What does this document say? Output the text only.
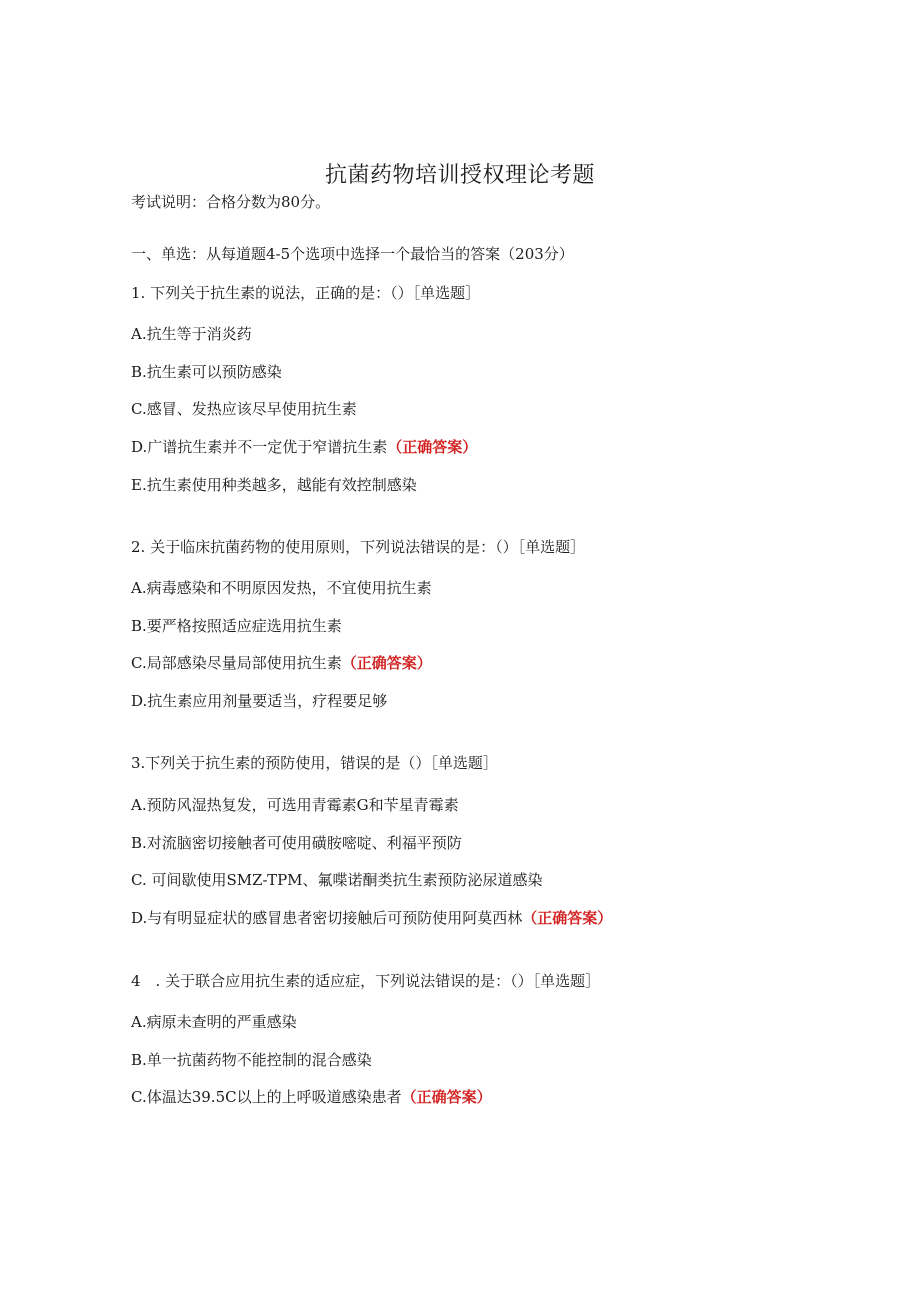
抗菌药物培训授权理论考题
考试说明：合格分数为80分。
一、单选：从每道题4-5个选项中选择一个最恰当的答案（203分）
1. 下列关于抗生素的说法，正确的是：（）［单选题］
A.抗生等于消炎药
B.抗生素可以预防感染
C.感冒、发热应该尽早使用抗生素
D.广谱抗生素并不一定优于窄谱抗生素（正确答案）
E.抗生素使用种类越多，越能有效控制感染
2. 关于临床抗菌药物的使用原则，下列说法错误的是：（）［单选题］
A.病毒感染和不明原因发热，不宜使用抗生素
B.要严格按照适应症选用抗生素
C.局部感染尽量局部使用抗生素（正确答案）
D.抗生素应用剂量要适当，疗程要足够
3.下列关于抗生素的预防使用，错误的是（）［单选题］
A.预防风湿热复发，可选用青霉素G和苄星青霉素
B.对流脑密切接触者可使用磺胺嘧啶、利福平预防
C. 可间歇使用SMZ-TPM、氟喋诺酮类抗生素预防泌尿道感染
D.与有明显症状的感冒患者密切接触后可预防使用阿莫西林（正确答案）
4　. 关于联合应用抗生素的适应症，下列说法错误的是：（）［单选题］
A.病原未查明的严重感染
B.单一抗菌药物不能控制的混合感染
C.体温达39.5C以上的上呼吸道感染患者（正确答案）
